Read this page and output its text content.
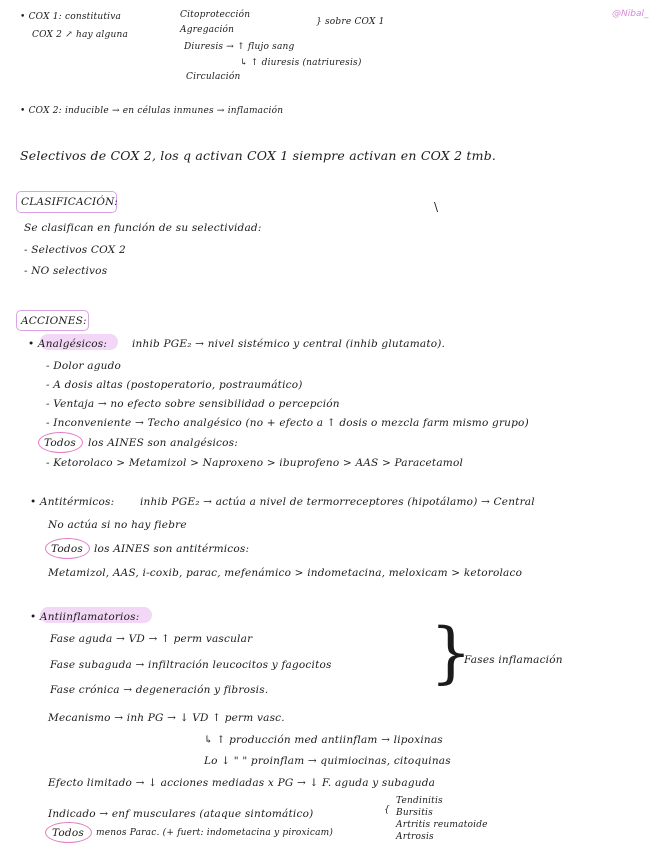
@Nibal_
• COX 1: constitutiva
COX 2 ↗ hay alguna
Citoprotección
Agregación
Diuresis → ↑ flujo sang
↳ ↑ diuresis (natriuresis)
Circulación
} sobre COX 1
• COX 2: inducible → en células inmunes → inflamación
Selectivos de COX 2, los q activan COX 1 siempre activan en COX 2 tmb.
CLASIFICACIÓN:
Se clasifican en función de su selectividad:
- Selectivos COX 2
- NO selectivos
\
ACCIONES:
• Analgésicos: inhib PGE₂ → nivel sistémico y central (inhib glutamato).
- Dolor agudo
- A dosis altas (postoperatorio, postraumático)
- Ventaja → no efecto sobre sensibilidad o percepción
- Inconveniente → Techo analgésico (no + efecto a ↑ dosis o mezcla farm mismo grupo)
Todos los AINES son analgésicos:
- Ketorolaco > Metamizol > Naproxeno > ibuprofeno > AAS > Paracetamol
• Antitérmicos: inhib PGE₂ → actúa a nivel de termorreceptores (hipotálamo) → Central
No actúa si no hay fiebre
Todos los AINES son antitérmicos:
Metamizol, AAS, i-coxib, parac, mefenámico > indometacina, meloxicam > ketorolaco
• Antiinflamatorios:
Fase aguda → VD → ↑ perm vascular
Fase subaguda → infiltración leucocitos y fagocitos
Fase crónica → degeneración y fibrosis. }
Fases inflamación
Mecanismo → inh PG → ↓ VD ↑ perm vasc.
↳ ↑ producción med antiinflam → lipoxinas
Lo ↓ " " proinflam → quimiocinas, citoquinas
Efecto limitado → ↓ acciones mediadas x PG → ↓ F. aguda y subaguda
Indicado → enf musculares (ataque sintomático)	{
Tendinitis
Bursitis
Artritis reumatoide
Artrosis
Todos menos Parac. (+ fuert: indometacina y piroxicam)
